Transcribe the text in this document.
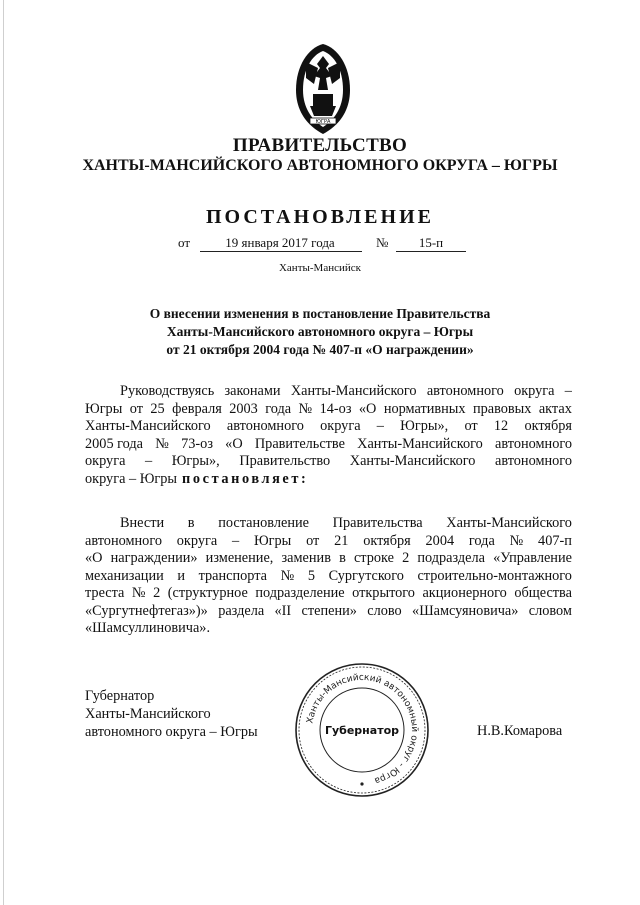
ЮГРА
ПРАВИТЕЛЬСТВО
ХАНТЫ-МАНСИЙСКОГО АВТОНОМНОГО ОКРУГА – ЮГРЫ
ПОСТАНОВЛЕНИЕ
от	19 января 2017 года	№	15-п
Ханты-Мансийск
О внесении изменения в постановление Правительства
Ханты-Мансийского автономного округа – Югры
от 21 октября 2004 года № 407-п «О награждении»
Руководствуясь законами Ханты-Мансийского автономного округа –
Югры от 25 февраля 2003 года № 14-оз «О нормативных правовых актах
Ханты-Мансийского автономного округа – Югры», от 12 октября
2005 года № 73-оз «О Правительстве Ханты-Мансийского автономного
округа – Югры», Правительство Ханты-Мансийского автономного
округа – Югры постановляет:
Внести в постановление Правительства Ханты-Мансийского
автономного округа – Югры от 21 октября 2004 года № 407-п
«О награждении» изменение, заменив в строке 2 подраздела «Управление
механизации и транспорта № 5 Сургутского строительно-монтажного
треста № 2 (структурное подразделение открытого акционерного общества
«Сургутнефтегаз»)» раздела «II степени» слово «Шамсуяновича» словом
«Шамсуллиновича».
Губернатор
Ханты-Мансийского
автономного округа – Югры
Ханты-Мансийский автономный округ - Югра
Губернатор	Н.В.Комарова
